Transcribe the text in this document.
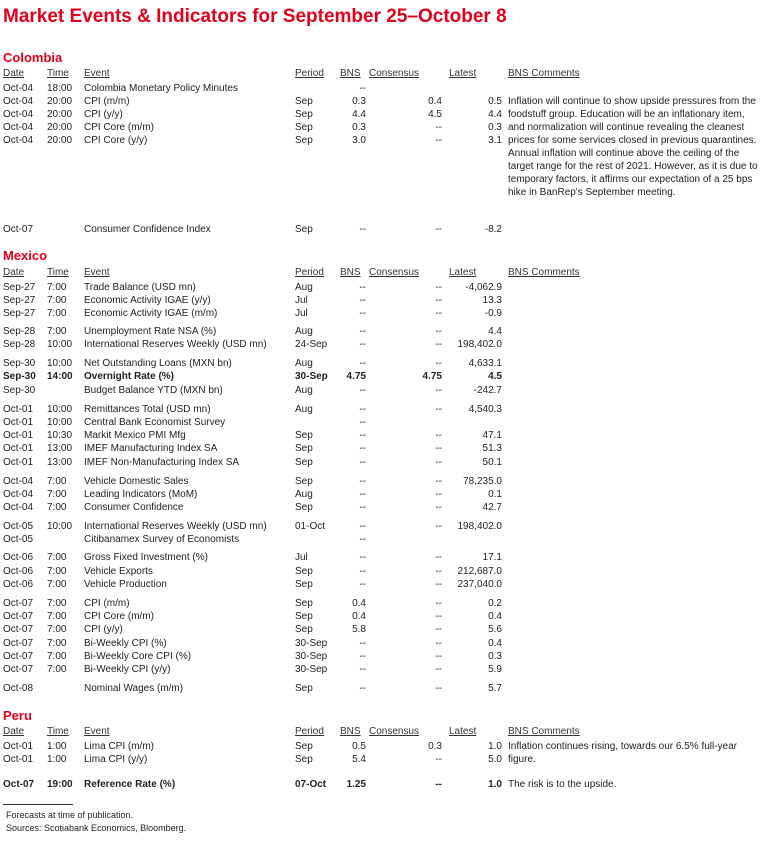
Market Events & Indicators for September 25–October 8
Colombia
Date Time Event	Period BNS Consensus	Latest	BNS Comments
Oct-04 18:00 Colombia Monetary Policy Minutes	--
Oct-04 20:00 CPI (m/m)	Sep	0.3	0.4	0.5
Oct-04 20:00 CPI (y/y)	Sep	4.4	4.5	4.4
Oct-04 20:00 CPI Core (m/m)	Sep	0.3	--	0.3
Oct-04 20:00 CPI Core (y/y)	Sep	3.0	--	3.1
Oct-07	Consumer Confidence Index	Sep	--	--	-8.2
Inflation will continue to show upside pressures from the foodstuff group. Education will be an inflationary item, and normalization will continue revealing the cleanest prices for some services closed in previous quarantines. Annual inflation will continue above the ceiling of the target range for the rest of 2021. However, as it is due to temporary factors, it affirms our expectation of a 25 bps hike in BanRep's September meeting.
Mexico
Date Time Event	Period BNS Consensus	Latest	BNS Comments
Sep-27 7:00 Trade Balance (USD mn)	Aug	--	--	-4,062.9
Sep-27 7:00 Economic Activity IGAE (y/y)	Jul	--	--	13.3
Sep-27 7:00 Economic Activity IGAE (m/m)	Jul	--	--	-0.9
Sep-28 7:00 Unemployment Rate NSA (%)	Aug	--	--	4.4
Sep-28 10:00 International Reserves Weekly (USD mn)	24-Sep	--	--	198,402.0
Sep-30 10:00 Net Outstanding Loans (MXN bn)	Aug	--	--	4,633.1
Sep-30 14:00 Overnight Rate (%)	30-Sep	4.75	4.75	4.5
Sep-30	Budget Balance YTD (MXN bn)	Aug	--	--	-242.7
Oct-01 10:00 Remittances Total (USD mn)	Aug	--	--	4,540.3
Oct-01 10:00 Central Bank Economist Survey	--
Oct-01 10:30 Markit Mexico PMI Mfg	Sep	--	--	47.1
Oct-01 13:00 IMEF Manufacturing Index SA	Sep	--	--	51.3
Oct-01 13:00 IMEF Non-Manufacturing Index SA	Sep	--	--	50.1
Oct-04 7:00 Vehicle Domestic Sales	Sep	--	--	78,235.0
Oct-04 7:00 Leading Indicators (MoM)	Aug	--	--	0.1
Oct-04 7:00 Consumer Confidence	Sep	--	--	42.7
Oct-05 10:00 International Reserves Weekly (USD mn)	01-Oct	--	--	198,402.0
Oct-05	Citibanamex Survey of Economists	--
Oct-06 7:00 Gross Fixed Investment (%)	Jul	--	--	17.1
Oct-06 7:00 Vehicle Exports	Sep	--	--	212,687.0
Oct-06 7:00 Vehicle Production	Sep	--	--	237,040.0
Oct-07 7:00 CPI (m/m)	Sep	0.4	--	0.2
Oct-07 7:00 CPI Core (m/m)	Sep	0.4	--	0.4
Oct-07 7:00 CPI (y/y)	Sep	5.8	--	5.6
Oct-07 7:00 Bi-Weekly CPI (%)	30-Sep	--	--	0.4
Oct-07 7:00 Bi-Weekly Core CPI (%)	30-Sep	--	--	0.3
Oct-07 7:00 Bi-Weekly CPI (y/y)	30-Sep	--	--	5.9
Oct-08	Nominal Wages (m/m)	Sep	--	--	5.7
Peru
Date Time Event	Period BNS Consensus	Latest	BNS Comments
Oct-01 1:00 Lima CPI (m/m)	Sep	0.5	0.3	1.0
Oct-01 1:00 Lima CPI (y/y)	Sep	5.4	--	5.0
Oct-07 19:00 Reference Rate (%)	07-Oct	1.25	--	1.0
Inflation continues rising, towards our 6.5% full-year figure.
The risk is to the upside.
Forecasts at time of publication.
Sources: Scotiabank Economics, Bloomberg.
